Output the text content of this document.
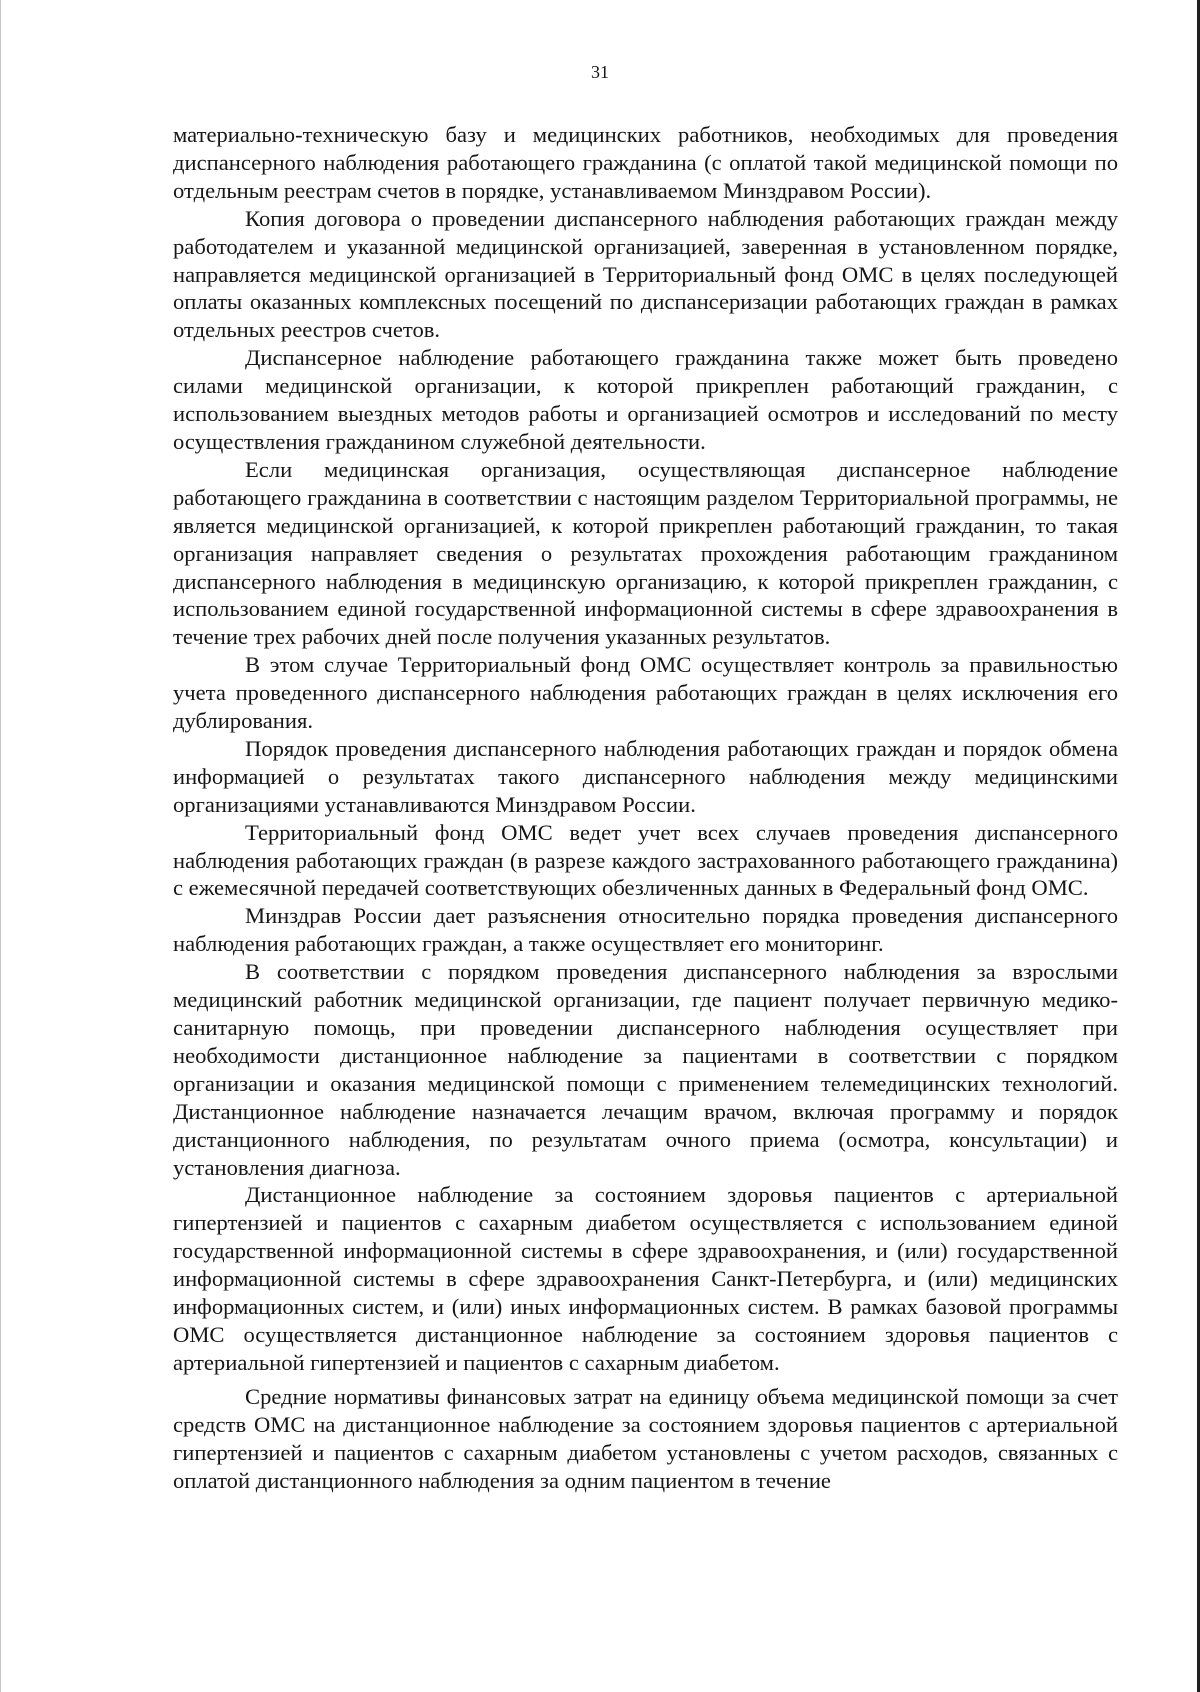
31

материально-техническую базу и медицинских работников, необходимых для проведения диспансерного наблюдения работающего гражданина (с оплатой такой медицинской помощи по отдельным реестрам счетов в порядке, устанавливаемом Минздравом России).

Копия договора о проведении диспансерного наблюдения работающих граждан между работодателем и указанной медицинской организацией, заверенная в установленном порядке, направляется медицинской организацией в Территориальный фонд ОМС в целях последующей оплаты оказанных комплексных посещений по диспансеризации работающих граждан в рамках отдельных реестров счетов.

Диспансерное наблюдение работающего гражданина также может быть проведено силами медицинской организации, к которой прикреплен работающий гражданин, с использованием выездных методов работы и организацией осмотров и исследований по месту осуществления гражданином служебной деятельности.

Если медицинская организация, осуществляющая диспансерное наблюдение работающего гражданина в соответствии с настоящим разделом Территориальной программы, не является медицинской организацией, к которой прикреплен работающий гражданин, то такая организация направляет сведения о результатах прохождения работающим гражданином диспансерного наблюдения в медицинскую организацию, к которой прикреплен гражданин, с использованием единой государственной информационной системы в сфере здравоохранения в течение трех рабочих дней после получения указанных результатов.

В этом случае Территориальный фонд ОМС осуществляет контроль за правильностью учета проведенного диспансерного наблюдения работающих граждан в целях исключения его дублирования.

Порядок проведения диспансерного наблюдения работающих граждан и порядок обмена информацией о результатах такого диспансерного наблюдения между медицинскими организациями устанавливаются Минздравом России.

Территориальный фонд ОМС ведет учет всех случаев проведения диспансерного наблюдения работающих граждан (в разрезе каждого застрахованного работающего гражданина) с ежемесячной передачей соответствующих обезличенных данных в Федеральный фонд ОМС.

Минздрав России дает разъяснения относительно порядка проведения диспансерного наблюдения работающих граждан, а также осуществляет его мониторинг.

В соответствии с порядком проведения диспансерного наблюдения за взрослыми медицинский работник медицинской организации, где пациент получает первичную медико-санитарную помощь, при проведении диспансерного наблюдения осуществляет при необходимости дистанционное наблюдение за пациентами в соответствии с порядком организации и оказания медицинской помощи с применением телемедицинских технологий. Дистанционное наблюдение назначается лечащим врачом, включая программу и порядок дистанционного наблюдения, по результатам очного приема (осмотра, консультации) и установления диагноза.

Дистанционное наблюдение за состоянием здоровья пациентов с артериальной гипертензией и пациентов с сахарным диабетом осуществляется с использованием единой государственной информационной системы в сфере здравоохранения, и (или) государственной информационной системы в сфере здравоохранения Санкт-Петербурга, и (или) медицинских информационных систем, и (или) иных информационных систем. В рамках базовой программы ОМС осуществляется дистанционное наблюдение за состоянием здоровья пациентов с артериальной гипертензией и пациентов с сахарным диабетом.

Средние нормативы финансовых затрат на единицу объема медицинской помощи за счет средств ОМС на дистанционное наблюдение за состоянием здоровья пациентов с артериальной гипертензией и пациентов с сахарным диабетом установлены с учетом расходов, связанных с оплатой дистанционного наблюдения за одним пациентом в течение
